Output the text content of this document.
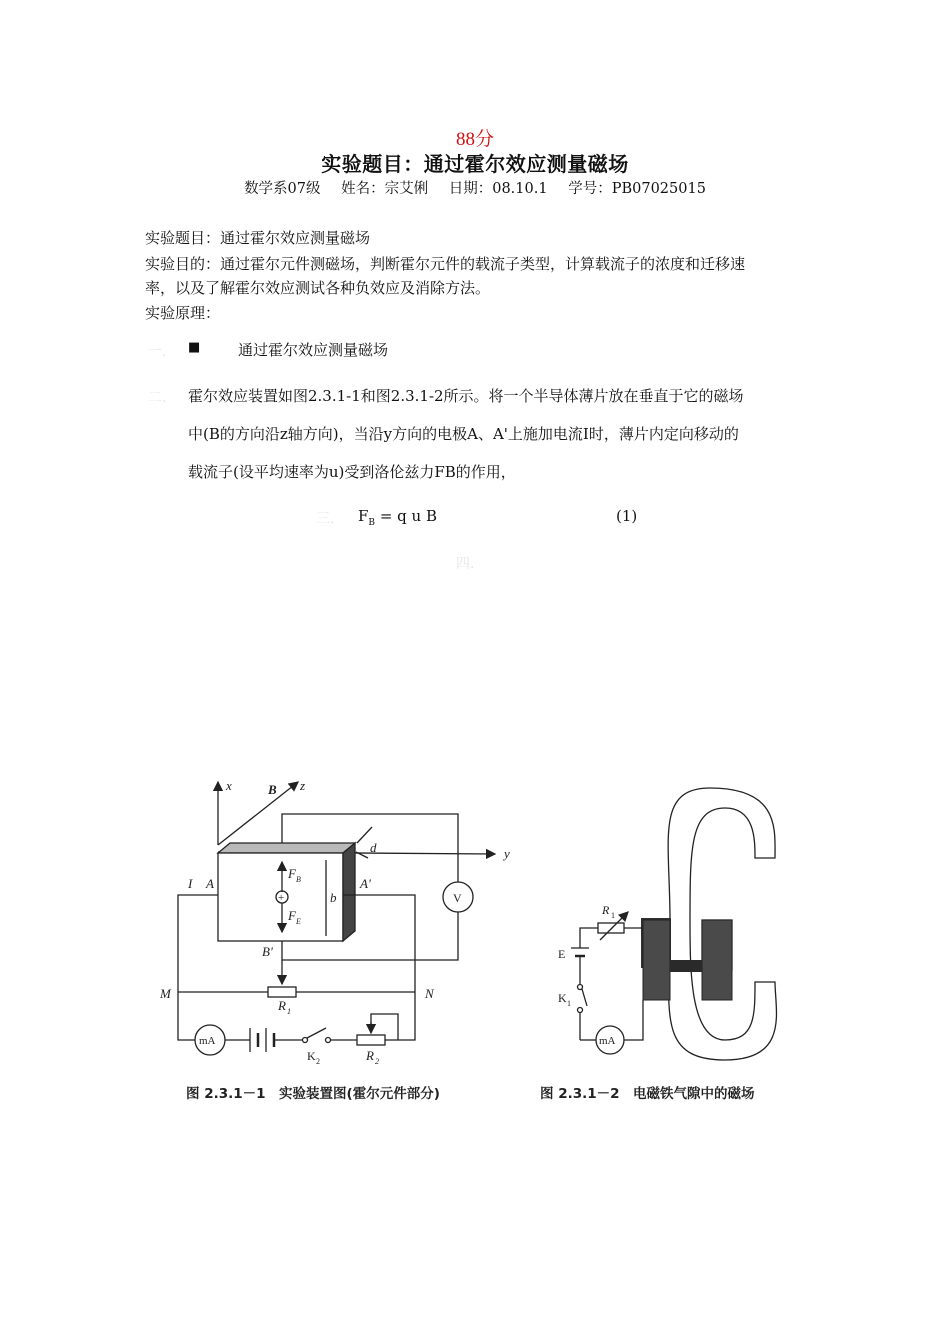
88分
实验题目：通过霍尔效应测量磁场
数学系07级 姓名：宗艾俐 日期：08.10.1 学号：PB07025015
实验题目：通过霍尔效应测量磁场
实验目的：通过霍尔元件测磁场，判断霍尔元件的载流子类型，计算载流子的浓度和迁移速
率，以及了解霍尔效应测试各种负效应及消除方法。
实验原理：
一. ■	通过霍尔效应测量磁场
二. 霍尔效应装置如图2.3.1-1和图2.3.1-2所示。将一个半导体薄片放在垂直于它的磁场
中(B的方向沿z轴方向)，当沿y方向的电极A、A'上施加电流I时，薄片内定向移动的
载流子(设平均速率为u)受到洛伦兹力FB的作用，
三. $F_B = q$ u B	(1)
四.
x	B z
d	y
I A	A'
B'
F B
F E
b
M	N
R 1
R 2
+	V
mA
K 2
R 1
E
K 1
mA
图 2.3.1－1　实验装置图(霍尔元件部分)	图 2.3.1－2　电磁铁气隙中的磁场
